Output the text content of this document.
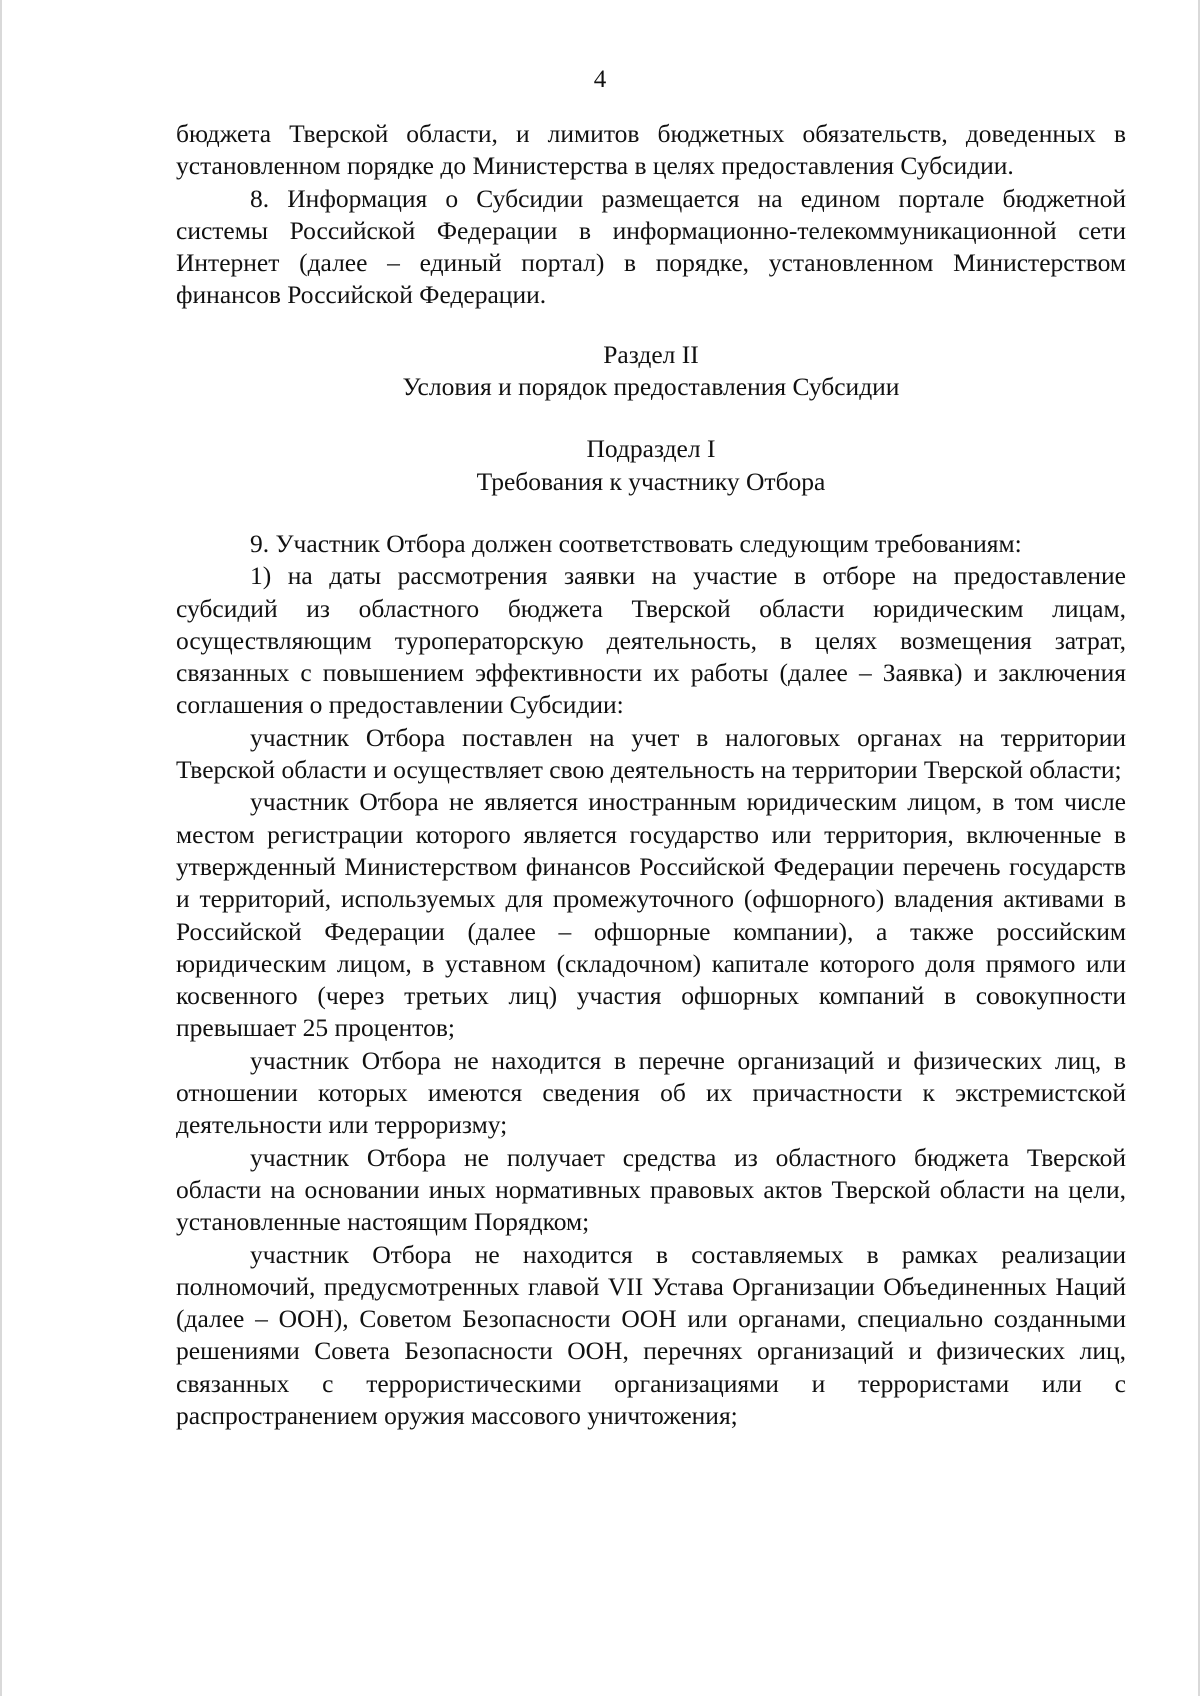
4

бюджета Тверской области, и лимитов бюджетных обязательств, доведенных в установленном порядке до Министерства в целях предоставления Субсидии.

8. Информация о Субсидии размещается на едином портале бюджетной системы Российской Федерации в информационно-телекоммуникационной сети Интернет (далее – единый портал) в порядке, установленном Министерством финансов Российской Федерации.

Раздел II

Условия и порядок предоставления Субсидии

Подраздел I

Требования к участнику Отбора

9. Участник Отбора должен соответствовать следующим требованиям:

1) на даты рассмотрения заявки на участие в отборе на предоставление субсидий из областного бюджета Тверской области юридическим лицам, осуществляющим туроператорскую деятельность, в целях возмещения затрат, связанных с повышением эффективности их работы (далее – Заявка) и заключения соглашения о предоставлении Субсидии:

участник Отбора поставлен на учет в налоговых органах на территории Тверской области и осуществляет свою деятельность на территории Тверской области;

участник Отбора не является иностранным юридическим лицом, в том числе местом регистрации которого является государство или территория, включенные в утвержденный Министерством финансов Российской Федерации перечень государств и территорий, используемых для промежуточного (офшорного) владения активами в Российской Федерации (далее – офшорные компании), а также российским юридическим лицом, в уставном (складочном) капитале которого доля прямого или косвенного (через третьих лиц) участия офшорных компаний в совокупности превышает 25 процентов;

участник Отбора не находится в перечне организаций и физических лиц, в отношении которых имеются сведения об их причастности к экстремистской деятельности или терроризму;

участник Отбора не получает средства из областного бюджета Тверской области на основании иных нормативных правовых актов Тверской области на цели, установленные настоящим Порядком;

участник Отбора не находится в составляемых в рамках реализации полномочий, предусмотренных главой VII Устава Организации Объединенных Наций (далее – ООН), Советом Безопасности ООН или органами, специально созданными решениями Совета Безопасности ООН, перечнях организаций и физических лиц, связанных с террористическими организациями и террористами или с распространением оружия массового уничтожения;
